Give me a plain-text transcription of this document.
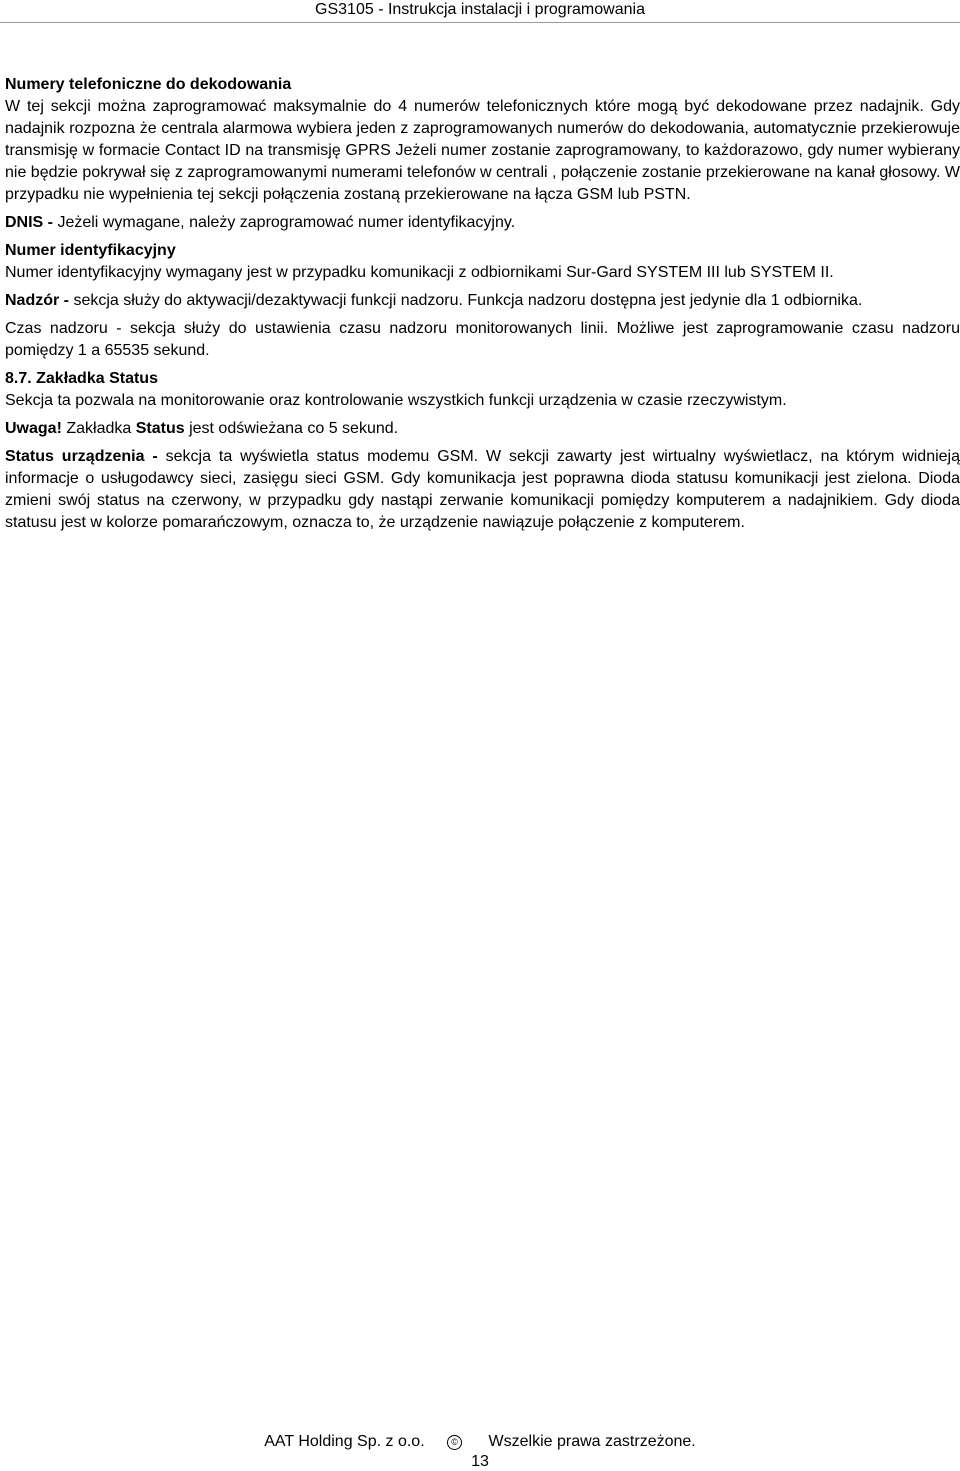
GS3105 - Instrukcja instalacji i programowania

Numery telefoniczne do dekodowania

W tej sekcji można zaprogramować maksymalnie do 4 numerów telefonicznych które mogą być dekodowane przez nadajnik. Gdy nadajnik rozpozna że centrala alarmowa wybiera jeden z zaprogramowanych numerów do dekodowania, automatycznie przekierowuje transmisję w formacie Contact ID na transmisję GPRS Jeżeli numer zostanie zaprogramowany, to każdorazowo, gdy numer wybierany nie będzie pokrywał się z zaprogramowanymi numerami telefonów w centrali , połączenie zostanie przekierowane na kanał głosowy. W przypadku nie wypełnienia tej sekcji połączenia zostaną przekierowane na łącza GSM lub PSTN.

DNIS - Jeżeli wymagane, należy zaprogramować numer identyfikacyjny.

Numer identyfikacyjny

Numer identyfikacyjny wymagany jest w przypadku komunikacji z odbiornikami Sur-Gard SYSTEM III lub SYSTEM II.

Nadzór - sekcja służy do aktywacji/dezaktywacji funkcji nadzoru. Funkcja nadzoru dostępna jest jedynie dla 1 odbiornika.

Czas nadzoru - sekcja służy do ustawienia czasu nadzoru monitorowanych linii. Możliwe jest zaprogramowanie czasu nadzoru pomiędzy 1 a 65535 sekund.

8.7. Zakładka Status

Sekcja ta pozwala na monitorowanie oraz kontrolowanie wszystkich funkcji urządzenia w czasie rzeczywistym.

Uwaga! Zakładka Status jest odświeżana co 5 sekund.

Status urządzenia - sekcja ta wyświetla status modemu GSM. W sekcji zawarty jest wirtualny wyświetlacz, na którym widnieją informacje o usługodawcy sieci, zasięgu sieci GSM. Gdy komunikacja jest poprawna dioda statusu komunikacji jest zielona. Dioda zmieni swój status na czerwony, w przypadku gdy nastąpi zerwanie komunikacji pomiędzy komputerem a nadajnikiem. Gdy dioda statusu jest w kolorze pomarańczowym, oznacza to, że urządzenie nawiązuje połączenie z komputerem.

AAT Holding Sp. z o.o.	© Wszelkie prawa zastrzeżone.
13
